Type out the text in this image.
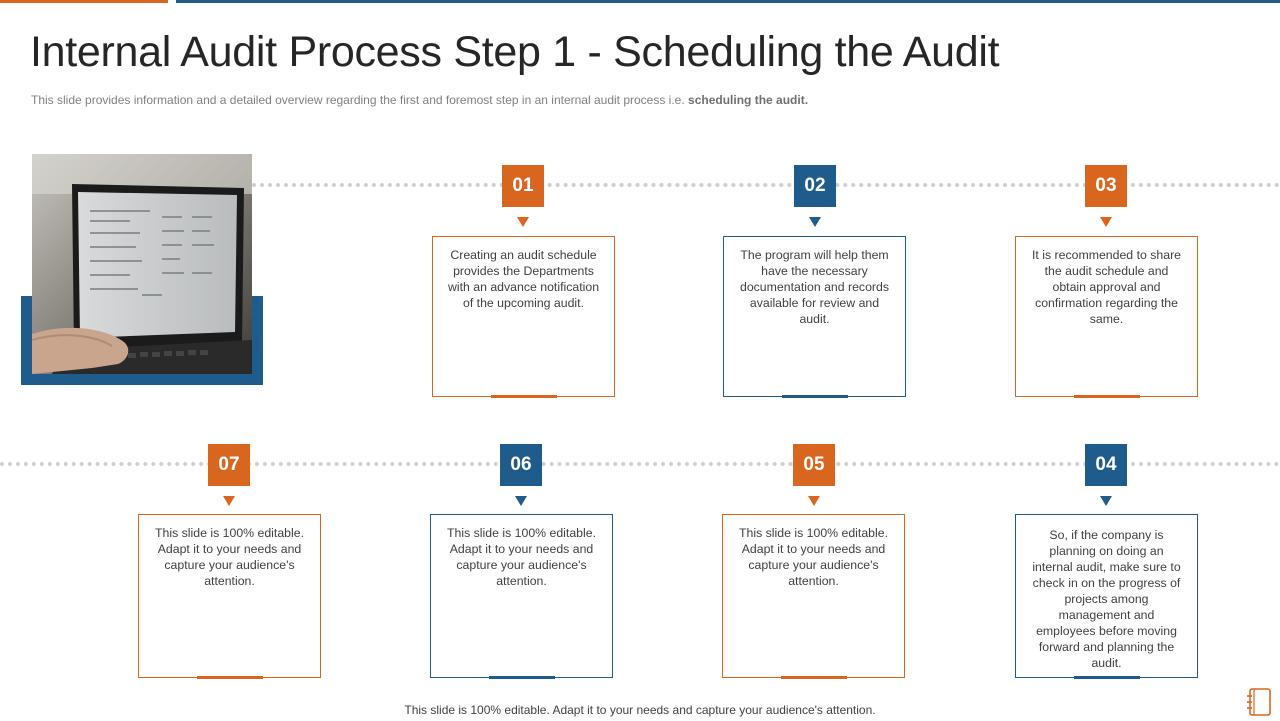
Internal Audit Process Step 1 - Scheduling the Audit
This slide provides information and a detailed overview regarding the first and foremost step in an internal audit process i.e. scheduling the audit.
01
Creating an audit schedule provides the Departments with an advance notification of the upcoming audit.
02
The program will help them have the necessary documentation and records available for review and audit.
03
It is recommended to share the audit schedule and obtain approval and confirmation regarding the same.
07
This slide is 100% editable. Adapt it to your needs and capture your audience's attention.
06
This slide is 100% editable. Adapt it to your needs and capture your audience's attention.
05
This slide is 100% editable. Adapt it to your needs and capture your audience's attention.
04
So, if the company is planning on doing an internal audit, make sure to check in on the progress of projects among management and employees before moving forward and planning the audit.
This slide is 100% editable. Adapt it to your needs and capture your audience's attention.
